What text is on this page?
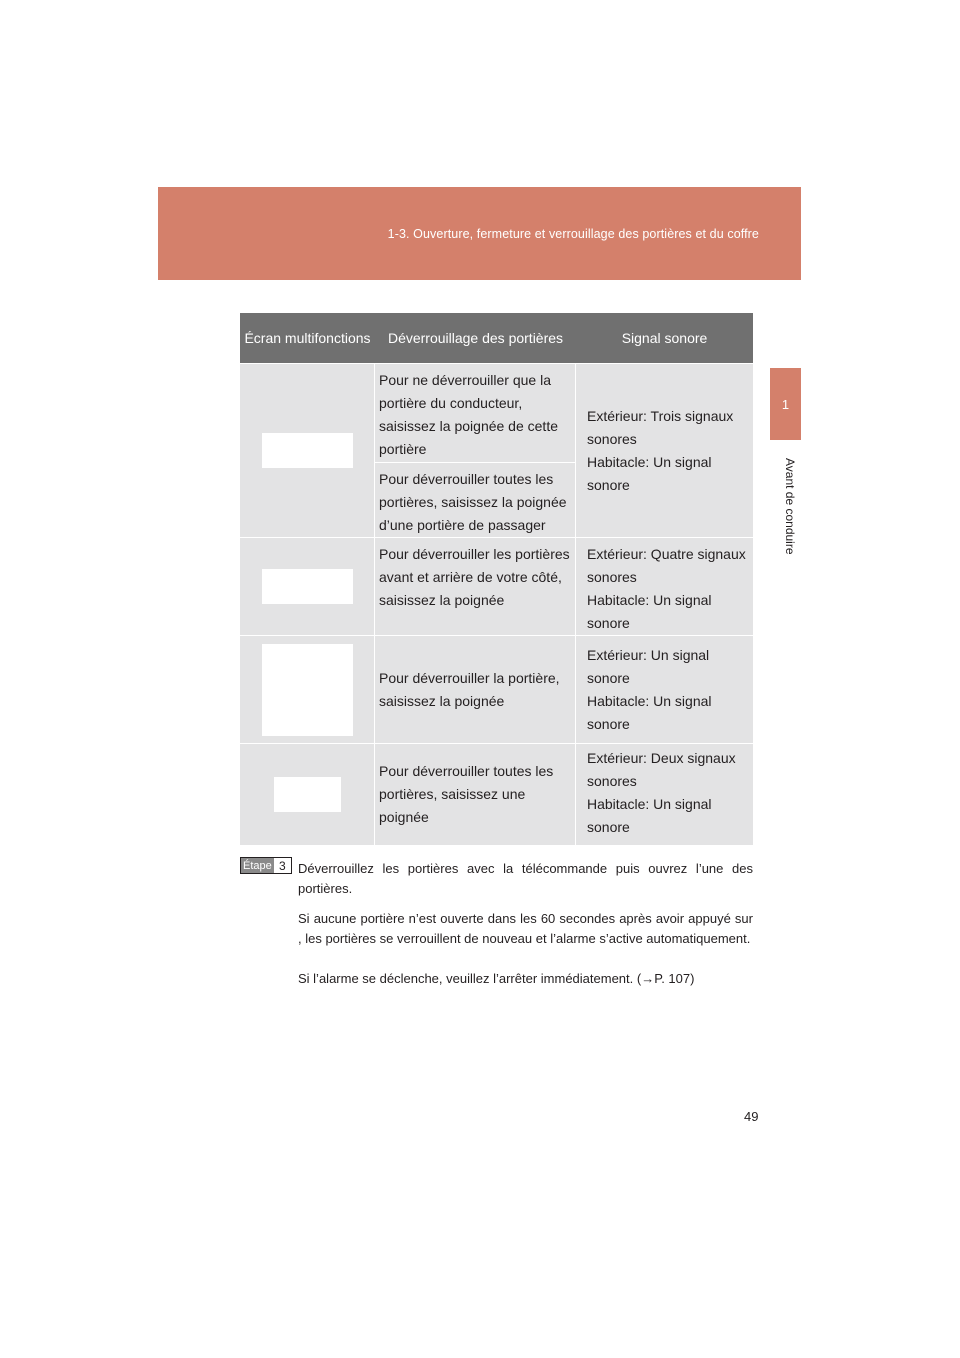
1-3. Ouverture, fermeture et verrouillage des portières et du coffre
1
Avant de conduire
Écran multifonctions	Déverrouillage des portières	Signal sonore
Pour ne déverrouiller que la portière du conducteur, saisissez la poignée de cette portière
Pour déverrouiller toutes les portières, saisissez la poignée d’une portière de passager
Extérieur: Trois signaux sonores
Habitacle: Un signal sonore
Pour déverrouiller les portières avant et arrière de votre côté, saisissez la poignée
Extérieur: Quatre signaux sonores
Habitacle: Un signal sonore
Pour déverrouiller la portière, saisissez la poignée
Extérieur: Un signal sonore
Habitacle: Un signal sonore
Pour déverrouiller toutes les portières, saisissez une poignée
Extérieur: Deux signaux sonores
Habitacle: Un signal sonore
Étape 3 Déverrouillez les portières avec la télécommande puis ouvrez l’une des portières.
Si aucune portière n’est ouverte dans les 60 secondes après avoir appuyé sur , les portières se verrouillent de nouveau et l’alarme s’active automatiquement.
Si l’alarme se déclenche, veuillez l’arrêter immédiatement. (→P. 107)
49
